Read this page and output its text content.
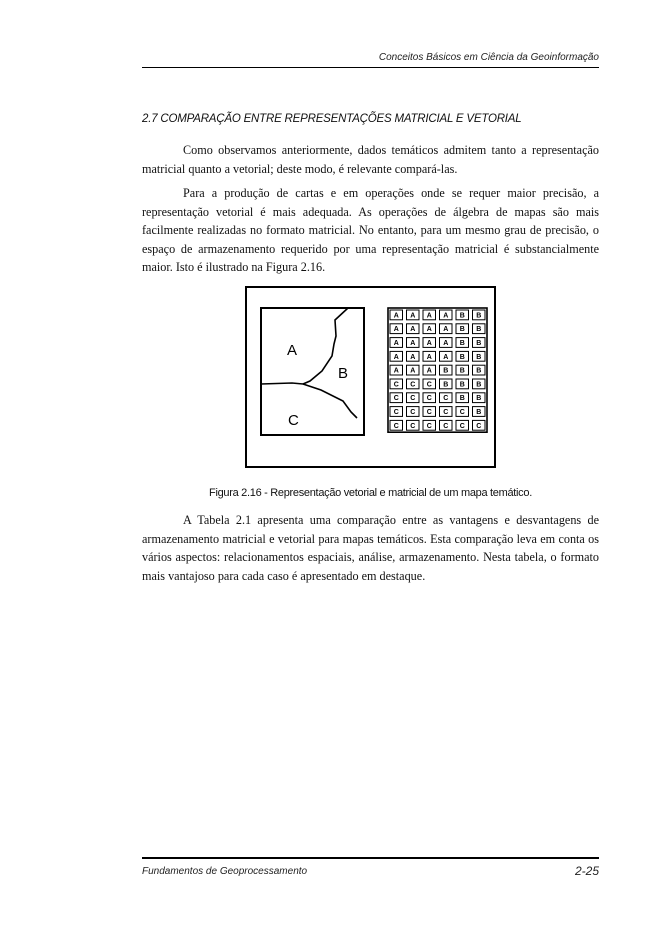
Conceitos Básicos em Ciência da Geoinformação
2.7 COMPARAÇÃO ENTRE REPRESENTAÇÕES MATRICIAL E VETORIAL

Como observamos anteriormente, dados temáticos admitem tanto a representação matricial quanto a vetorial; deste modo, é relevante compará-las.

Para a produção de cartas e em operações onde se requer maior precisão, a representação vetorial é mais adequada. As operações de álgebra de mapas são mais facilmente realizadas no formato matricial. No entanto, para um mesmo grau de precisão, o espaço de armazenamento requerido por uma representação matricial é substancialmente maior. Isto é ilustrado na Figura 2.16.

A
B
C
A A A A B B
A A A A B B
A A A A B B
A A A A B B
A A A B B B
C C C B B B
C C C C B B
C C C C C B
C C C C C C
Figura 2.16 - Representação vetorial e matricial de um mapa temático.

A Tabela 2.1 apresenta uma comparação entre as vantagens e desvantagens de armazenamento matricial e vetorial para mapas temáticos. Esta comparação leva em conta os vários aspectos: relacionamentos espaciais, análise, armazenamento. Nesta tabela, o formato mais vantajoso para cada caso é apresentado em destaque.

Fundamentos de Geoprocessamento	2-25
